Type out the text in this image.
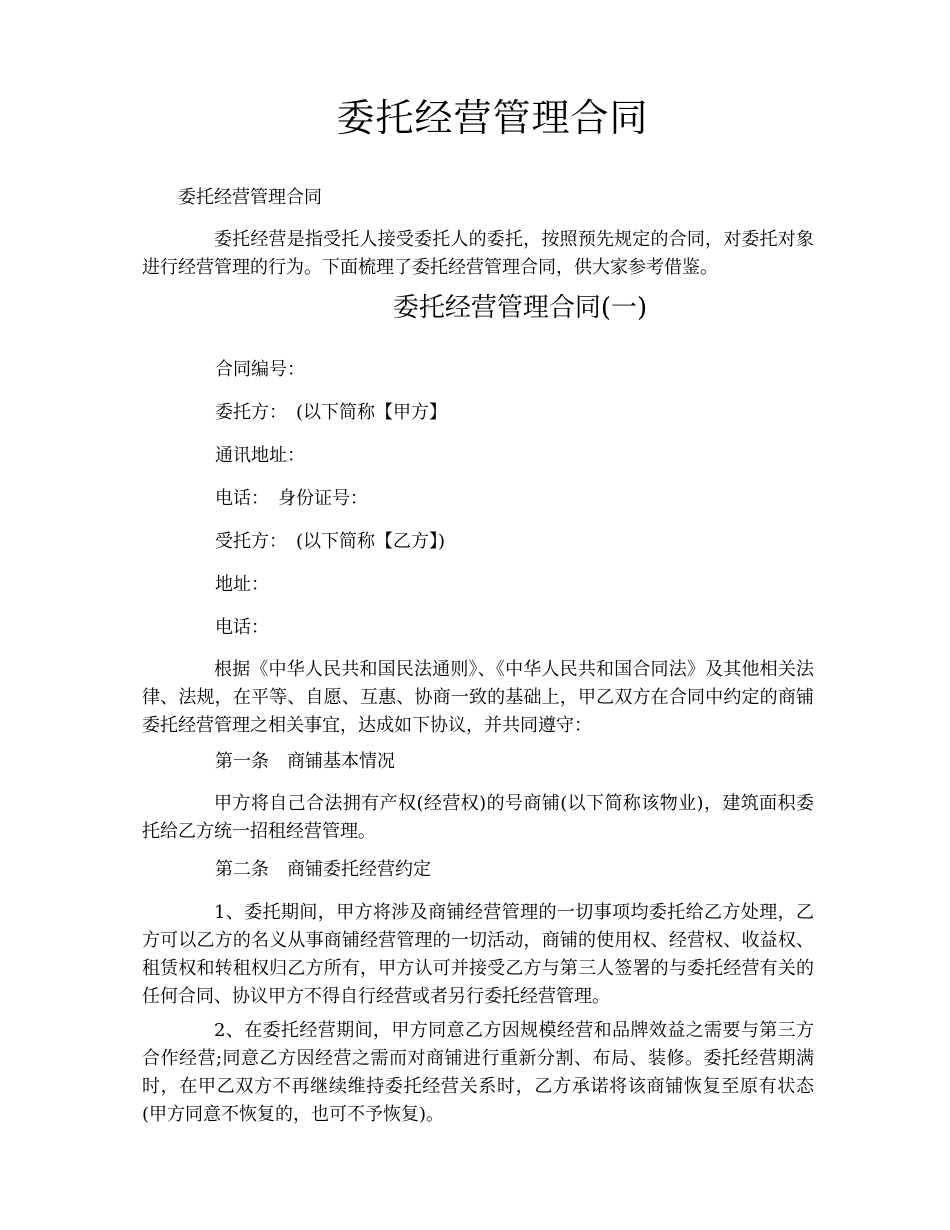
委托经营管理合同
委托经营管理合同
委托经营是指受托人接受委托人的委托，按照预先规定的合同，对委托对象进行经营管理的行为。下面梳理了委托经营管理合同，供大家参考借鉴。
委托经营管理合同(一)
合同编号：
委托方：　(以下简称【甲方】
通讯地址：
电话：　身份证号：
受托方：　(以下简称【乙方】)
地址：
电话：
根据《中华人民共和国民法通则》、《中华人民共和国合同法》及其他相关法律、法规，在平等、自愿、互惠、协商一致的基础上，甲乙双方在合同中约定的商铺委托经营管理之相关事宜，达成如下协议，并共同遵守：
第一条　商铺基本情况
甲方将自己合法拥有产权(经营权)的号商铺(以下简称该物业)，建筑面积委托给乙方统一招租经营管理。
第二条　商铺委托经营约定
1、委托期间，甲方将涉及商铺经营管理的一切事项均委托给乙方处理，乙方可以乙方的名义从事商铺经营管理的一切活动，商铺的使用权、经营权、收益权、租赁权和转租权归乙方所有，甲方认可并接受乙方与第三人签署的与委托经营有关的任何合同、协议甲方不得自行经营或者另行委托经营管理。
2、在委托经营期间，甲方同意乙方因规模经营和品牌效益之需要与第三方合作经营;同意乙方因经营之需而对商铺进行重新分割、布局、装修。委托经营期满时，在甲乙双方不再继续维持委托经营关系时，乙方承诺将该商铺恢复至原有状态(甲方同意不恢复的，也可不予恢复)。
